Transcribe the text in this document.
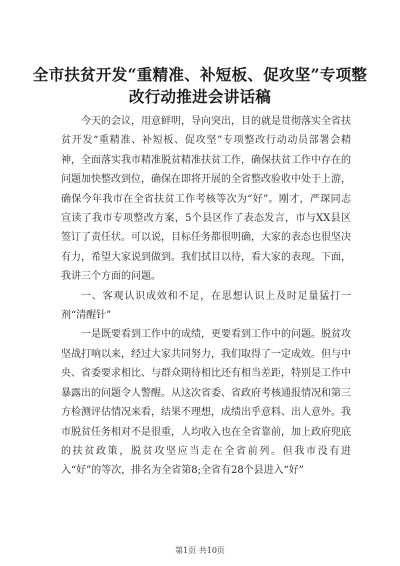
全市扶贫开发“重精准、补短板、促攻坚”专项整改行动推进会讲话稿

今天的会议，用意鲜明，导向突出，目的就是贯彻落实全省扶贫开发“重精准、补短板、促攻坚”专项整改行动动员部署会精神，全面落实我市精准脱贫精准扶贫工作，确保扶贫工作中存在的问题加快整改到位，确保在即将开展的全省整改验收中处于上游，确保今年我市在全省扶贫工作考核等次为“好”。刚才，严琛同志宣读了我市专项整改方案，5个县区作了表态发言，市与XX县区签订了责任状。可以说，目标任务都很明确，大家的表态也很坚决有力，希望大家说到做到。我们拭目以待，看大家的表现。下面，我讲三个方面的问题。

一、客观认识成效和不足，在思想认识上及时足量猛打一剂“清醒针”

一是既要看到工作中的成绩，更要看到工作中的问题。脱贫攻坚战打响以来，经过大家共同努力，我们取得了一定成效。但与中央、省委要求相比、与群众期待相比还有相当差距，特别是工作中暴露出的问题令人警醒。从这次省委、省政府考核通报情况和第三方检测评估情况来看，结果不理想，成绩出乎意料、出人意外。我市脱贫任务相对不是很重，人均收入也在全省靠前，加上政府兜底的扶贫政策，脱贫攻坚应当走在全省前列。但我市没有进入“好”的等次，排名为全省第8;全省有28个县进入“好”

第1页 共10页
